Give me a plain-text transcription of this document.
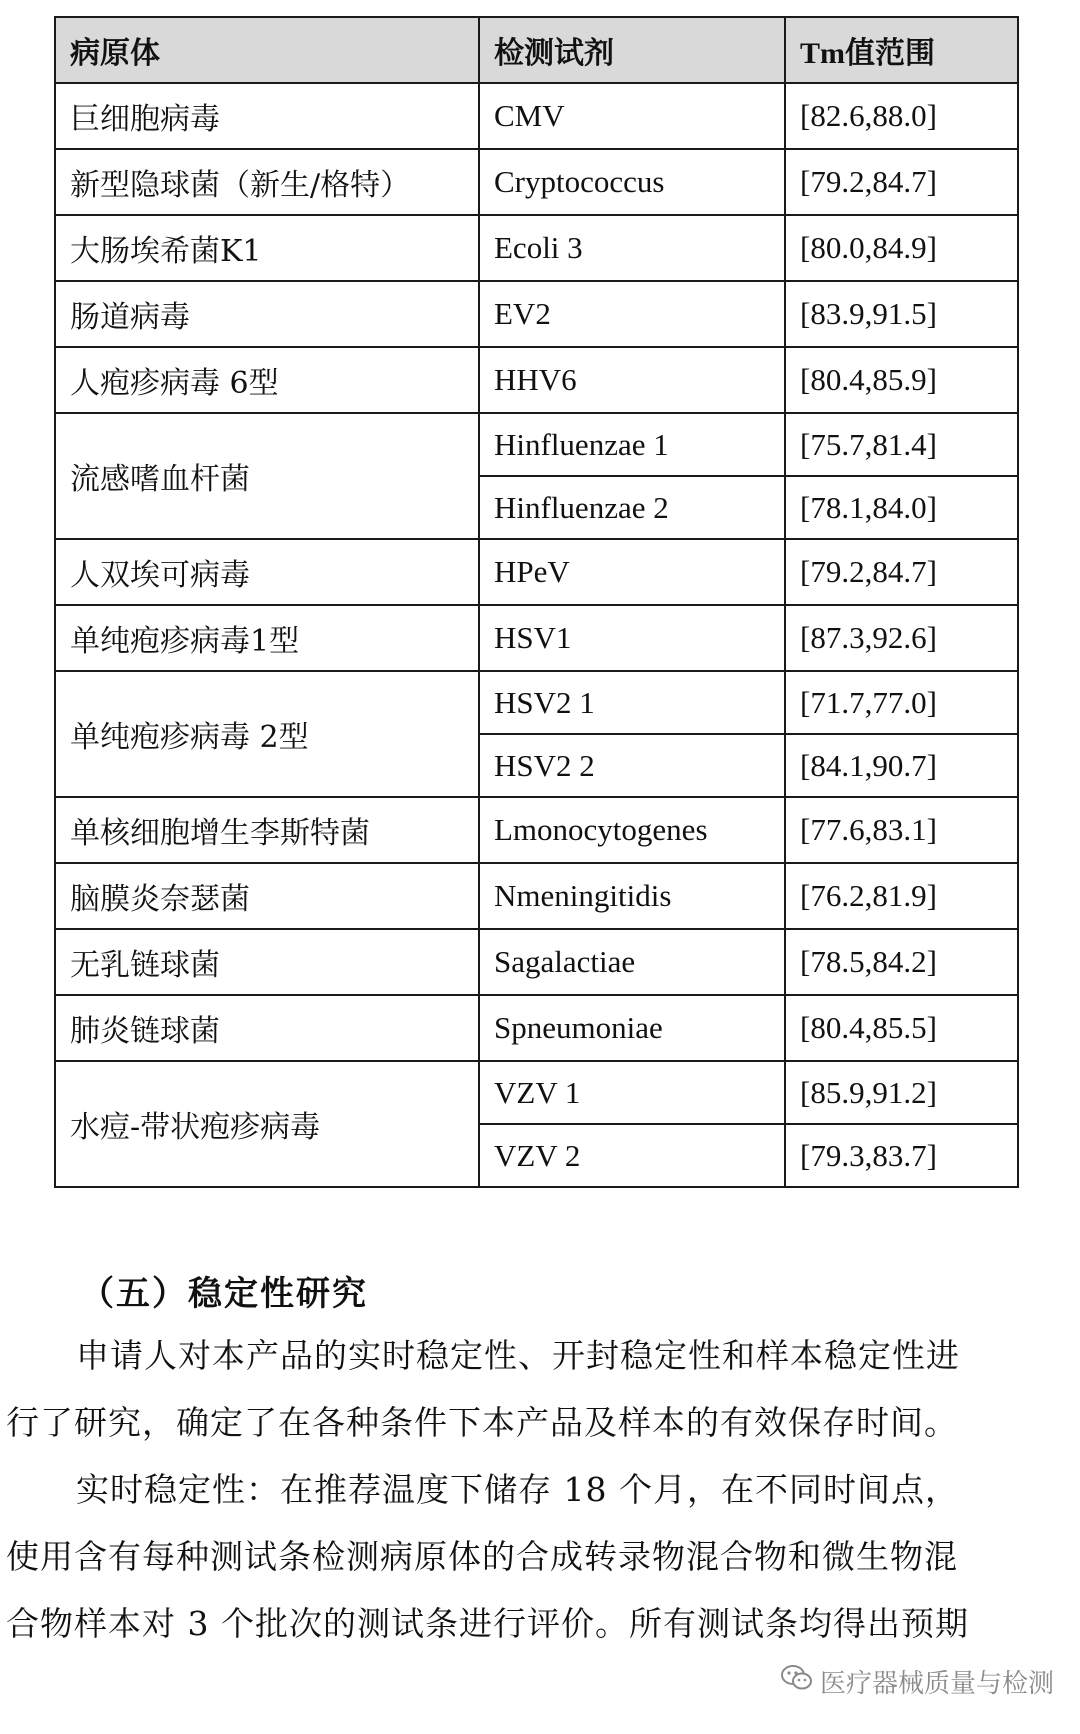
病原体	检测试剂	Tm值范围
巨细胞病毒	CMV	[82.6,88.0]
新型隐球菌（新生/格特）	Cryptococcus	[79.2,84.7]
大肠埃希菌K1	Ecoli 3	[80.0,84.9]
肠道病毒	EV2	[83.9,91.5]
人疱疹病毒 6型	HHV6	[80.4,85.9]
流感嗜血杆菌	Hinfluenzae 1	[75.7,81.4]
	Hinfluenzae 2	[78.1,84.0]
人双埃可病毒	HPeV	[79.2,84.7]
单纯疱疹病毒1型	HSV1	[87.3,92.6]
单纯疱疹病毒 2型	HSV2 1	[71.7,77.0]
	HSV2 2	[84.1,90.7]
单核细胞增生李斯特菌	Lmonocytogenes	[77.6,83.1]
脑膜炎奈瑟菌	Nmeningitidis	[76.2,81.9]
无乳链球菌	Sagalactiae	[78.5,84.2]
肺炎链球菌	Spneumoniae	[80.4,85.5]
水痘-带状疱疹病毒	VZV 1	[85.9,91.2]
	VZV 2	[79.3,83.7]
（五）稳定性研究
申请人对本产品的实时稳定性、开封稳定性和样本稳定性进
行了研究，确定了在各种条件下本产品及样本的有效保存时间。
实时稳定性：在推荐温度下储存 18 个月，在不同时间点，
使用含有每种测试条检测病原体的合成转录物混合物和微生物混
合物样本对 3 个批次的测试条进行评价。所有测试条均得出预期
医疗器械质量与检测
